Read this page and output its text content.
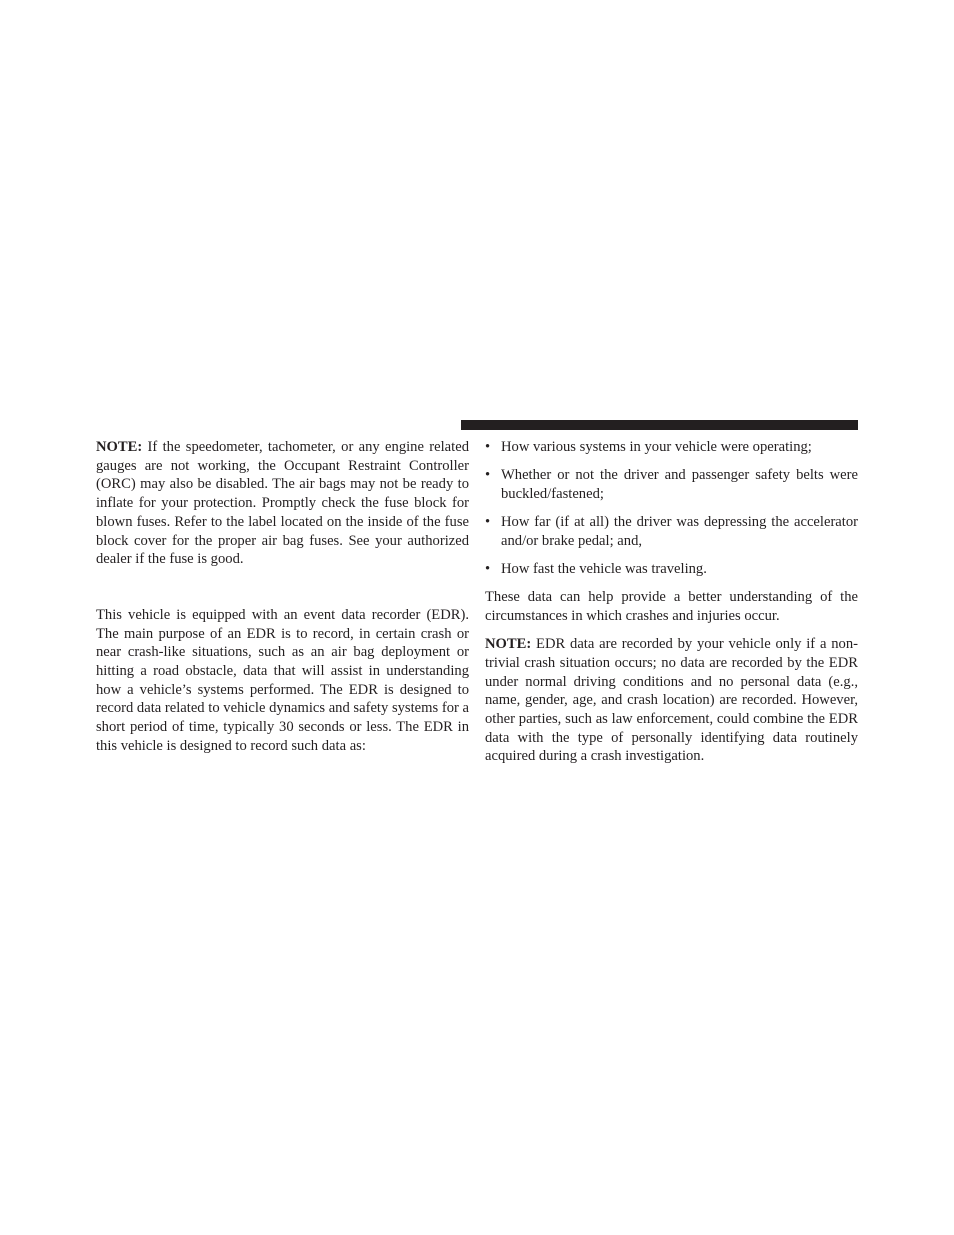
NOTE: If the speedometer, tachometer, or any engine related gauges are not working, the Occupant Restraint Controller (ORC) may also be disabled. The air bags may not be ready to inflate for your protection. Promptly check the fuse block for blown fuses. Refer to the label located on the inside of the fuse block cover for the proper air bag fuses. See your authorized dealer if the fuse is good.

This vehicle is equipped with an event data recorder (EDR). The main purpose of an EDR is to record, in certain crash or near crash-like situations, such as an air bag deployment or hitting a road obstacle, data that will assist in understanding how a vehicle’s systems performed. The EDR is designed to record data related to vehicle dynamics and safety systems for a short period of time, typically 30 seconds or less. The EDR in this vehicle is designed to record such data as:

• How various systems in your vehicle were operating;
• Whether or not the driver and passenger safety belts were buckled/fastened;
• How far (if at all) the driver was depressing the accelerator and/or brake pedal; and,
• How fast the vehicle was traveling.

These data can help provide a better understanding of the circumstances in which crashes and injuries occur.

NOTE: EDR data are recorded by your vehicle only if a non-trivial crash situation occurs; no data are recorded by the EDR under normal driving conditions and no personal data (e.g., name, gender, age, and crash location) are recorded. However, other parties, such as law enforcement, could combine the EDR data with the type of personally identifying data routinely acquired during a crash investigation.
